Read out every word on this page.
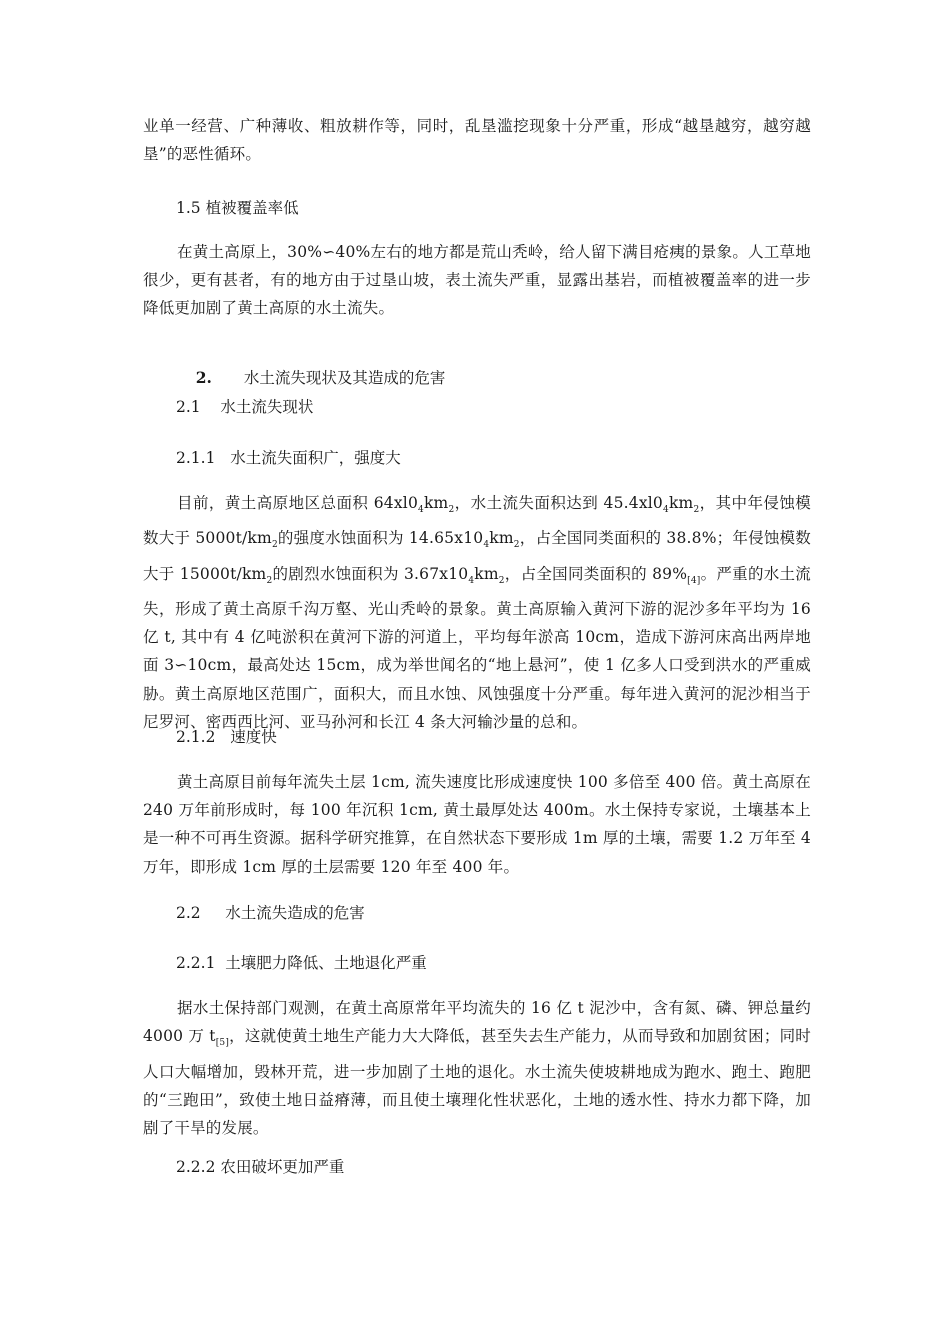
业单一经营、广种薄收、粗放耕作等，同时，乱垦滥挖现象十分严重，形成“越垦越穷，越穷越垦”的恶性循环。
1.5 植被覆盖率低
在黄土高原上，30%∽40%左右的地方都是荒山秃岭，给人留下满目疮痍的景象。人工草地很少，更有甚者，有的地方由于过垦山坡，表土流失严重，显露出基岩，而植被覆盖率的进一步降低更加剧了黄土高原的水土流失。

2. 水土流失现状及其造成的危害

2.1    水土流失现状
2.1.1   水土流失面积广，强度大
目前，黄土高原地区总面积 $64xl0_4km_2$，水土流失面积达到 $45.4xl0_4km_2$，其中年侵蚀模数大于 $5000t/km_2$的强度水蚀面积为 $14.65x10_4km_2$，占全国同类面积的 38.8%；年侵蚀模数大于 $15000t/km_2$的剧烈水蚀面积为 $3.67x10_4km_2$，占全国同类面积的 $89\%_{[4]}$。严重的水土流失，形成了黄土高原千沟万壑、光山秃岭的景象。黄土高原输入黄河下游的泥沙多年平均为 16 亿 t, 其中有 4 亿吨淤积在黄河下游的河道上，平均每年淤高 10cm，造成下游河床高出两岸地面 3∽10cm，最高处达 15cm，成为举世闻名的“地上悬河”，使 1 亿多人口受到洪水的严重威胁。黄土高原地区范围广，面积大，而且水蚀、风蚀强度十分严重。每年进入黄河的泥沙相当于尼罗河、密西西比河、亚马孙河和长江 4 条大河输沙量的总和。
2.1.2   速度快
黄土高原目前每年流失土层 1cm, 流失速度比形成速度快 100 多倍至 400 倍。黄土高原在 240 万年前形成时，每 100 年沉积 1cm, 黄土最厚处达 400m。水土保持专家说，土壤基本上是一种不可再生资源。据科学研究推算，在自然状态下要形成 1m 厚的土壤，需要 1.2 万年至 4 万年，即形成 1cm 厚的土层需要 120 年至 400 年。
2.2     水土流失造成的危害
2.2.1  土壤肥力降低、土地退化严重
据水土保持部门观测，在黄土高原常年平均流失的 16 亿 t 泥沙中，含有氮、磷、钾总量约 4000 万 $t_{[5]}$，这就使黄土地生产能力大大降低，甚至失去生产能力，从而导致和加剧贫困；同时人口大幅增加，毁林开荒，进一步加剧了土地的退化。水土流失使坡耕地成为跑水、跑土、跑肥的“三跑田”，致使土地日益瘠薄，而且使土壤理化性状恶化，土地的透水性、持水力都下降，加剧了干旱的发展。
2.2.2 农田破坏更加严重
